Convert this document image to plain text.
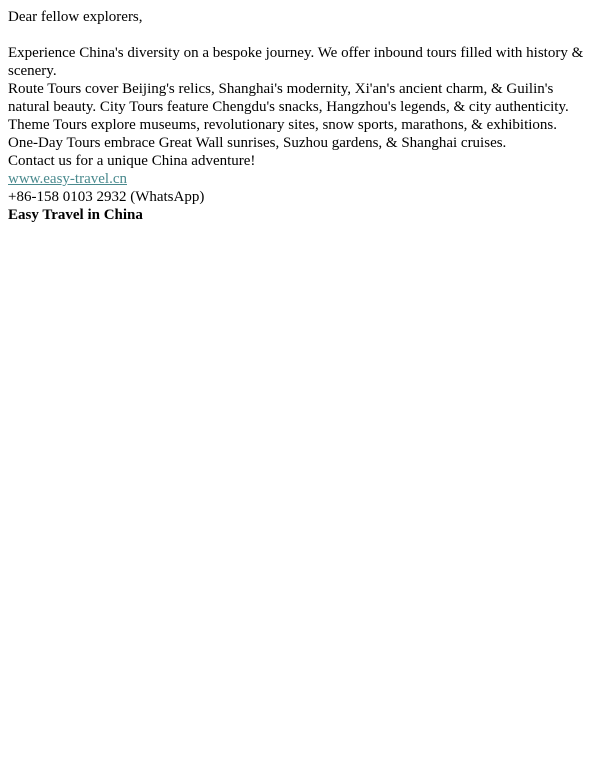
Dear fellow explorers,

Experience China's diversity on a bespoke journey. We offer inbound tours filled with history & scenery.

Route Tours cover Beijing's relics, Shanghai's modernity, Xi'an's ancient charm, & Guilin's natural beauty. City Tours feature Chengdu's snacks, Hangzhou's legends, & city authenticity.

Theme Tours explore museums, revolutionary sites, snow sports, marathons, & exhibitions.

One-Day Tours embrace Great Wall sunrises, Suzhou gardens, & Shanghai cruises.

Contact us for a unique China adventure!

www.easy-travel.cn

+86-158 0103 2932 (WhatsApp)

Easy Travel in China
